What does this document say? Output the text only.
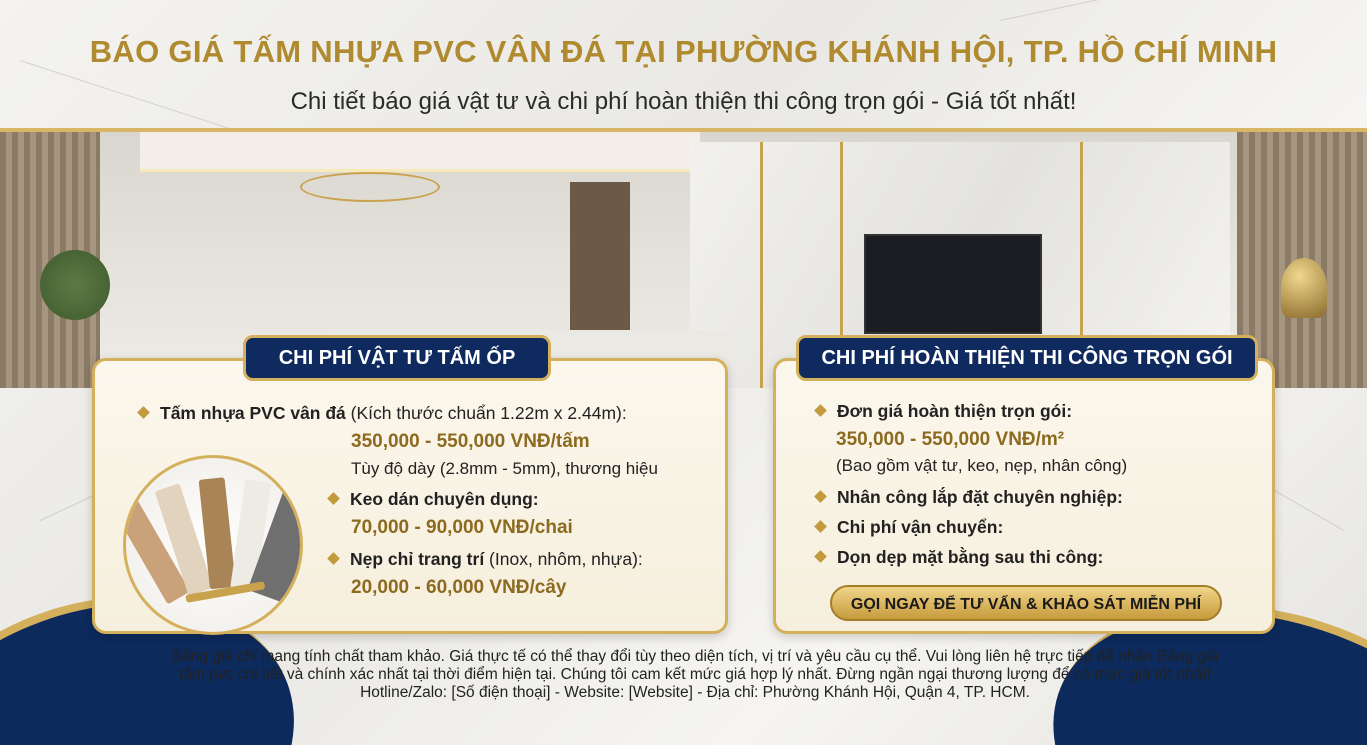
BÁO GIÁ TẤM NHỰA PVC VÂN ĐÁ TẠI PHƯỜNG KHÁNH HỘI, TP. HỒ CHÍ MINH
Chi tiết báo giá vật tư và chi phí hoàn thiện thi công trọn gói - Giá tốt nhất!
CHI PHÍ VẬT TƯ TẤM ỐP
Tấm nhựa PVC vân đá (Kích thước chuẩn 1.22m x 2.44m):
350,000 - 550,000 VNĐ/tấm
Tùy độ dày (2.8mm - 5mm), thương hiệu
Keo dán chuyên dụng:
70,000 - 90,000 VNĐ/chai
Nẹp chỉ trang trí (Inox, nhôm, nhựa):
20,000 - 60,000 VNĐ/cây
CHI PHÍ HOÀN THIỆN THI CÔNG TRỌN GÓI
Đơn giá hoàn thiện trọn gói:
350,000 - 550,000 VNĐ/m²
(Bao gồm vật tư, keo, nẹp, nhân công)
Nhân công lắp đặt chuyên nghiệp:
Chi phí vận chuyển:
Dọn dẹp mặt bằng sau thi công:
GỌI NGAY ĐỂ TƯ VẤN & KHẢO SÁT MIỄN PHÍ
Bảng giá chỉ mang tính chất tham khảo. Giá thực tế có thể thay đổi tùy theo diện tích, vị trí và yêu cầu cụ thể. Vui lòng liên hệ trực tiếp để nhận Bảng giá tấm pvc chi tiết và chính xác nhất tại thời điểm hiện tại. Chúng tôi cam kết mức giá hợp lý nhất. Đừng ngần ngại thương lượng để có mức giá tốt nhất!
Hotline/Zalo: [Số điện thoại] - Website: [Website] - Địa chỉ: Phường Khánh Hội, Quận 4, TP. HCM.
